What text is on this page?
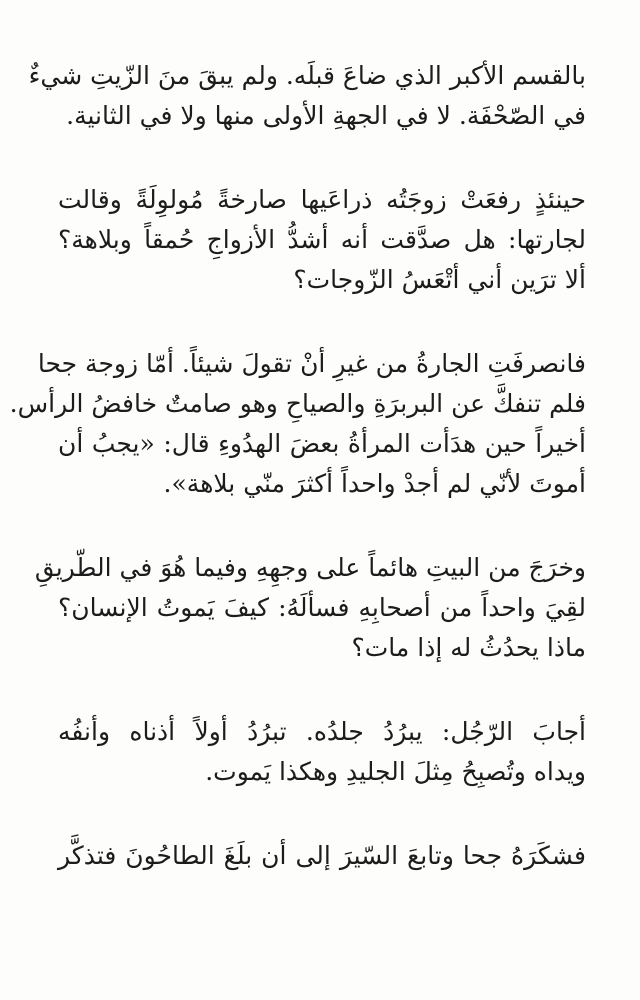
بالقسم الأكبر الذي ضاعَ قبلَه. ولم يبقَ منَ الزّيتِ شيءٌ
في الصّحْفَة. لا في الجهةِ الأولى منها ولا في الثانية.
حينئذٍ رفعَتْ زوجَتُه ذراعَيها صارخةً مُولوِلَةً وقالت
لجارتها: هل صدَّقت أنه أشدُّ الأزواجِ حُمقاً وبلاهة؟
ألا ترَين أني أتْعَسُ الزّوجات؟
فانصرفَتِ الجارةُ من غيرِ أنْ تقولَ شيئاً. أمّا زوجة جحا
فلم تنفكَّ عن البربرَةِ والصياحِ وهو صامتٌ خافضُ الرأس.
أخيراً حين هدَأت المرأةُ بعضَ الهدُوءِ قال: «يجبُ أن
أموتَ لأنّي لم أجدْ واحداً أكثرَ منّي بلاهة».
وخرَجَ من البيتِ هائماً على وجهِهِ وفيما هُوَ في الطّريقِ
لقِيَ واحداً من أصحابِهِ فسألَهُ: كيفَ يَموتُ الإنسان؟
ماذا يحدُثُ له إذا مات؟
أجابَ الرّجُل: يبرُدُ جلدُه. تبرُدُ أولاً أذناه وأنفُه
ويداه وتُصبِحُ مِثلَ الجليدِ وهكذا يَموت.
فشكَرَهُ جحا وتابعَ السّيرَ إلى أن بلَغَ الطاحُونَ فتذكَّر
